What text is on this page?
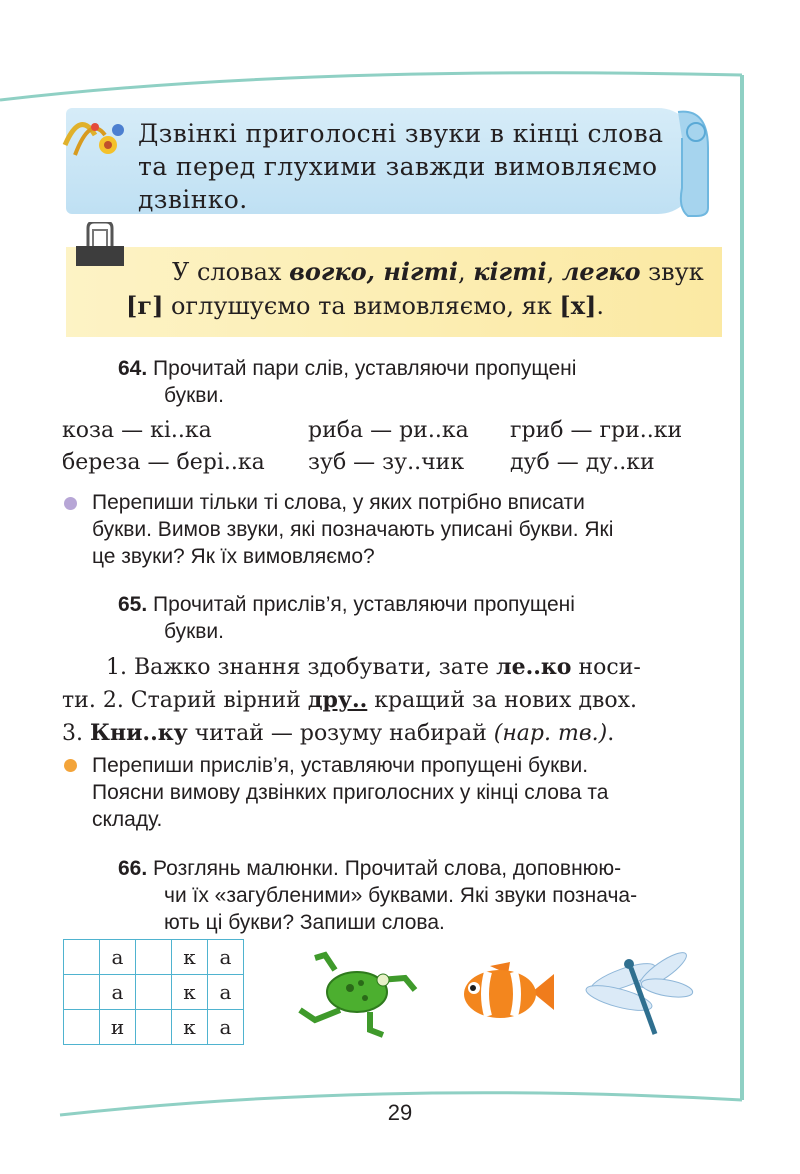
Дзвінкі приголосні звуки в кінці слова
та перед глухими завжди вимовляємо
дзвінко.
У словах вогко, нігті, кігті, легко звук
[г] оглушуємо та вимовляємо, як [х].
64. Прочитай пари слів, уставляючи пропущені
букви.
коза — кі..ка	риба — ри..ка гриб — гри..ки
береза — бері..ка зуб — зу..чик дуб — ду..ки
Перепиши тільки ті слова, у яких потрібно вписати
букви. Вимов звуки, які позначають уписані букви. Які
це звуки? Як їх вимовляємо?
65. Прочитай прислів’я, уставляючи пропущені
букви.
1. Важко знання здобувати, зате ле..ко носи-
ти. 2. Старий вірний дру.. кращий за нових двох.
3. Кни..ку читай — розуму набирай (нар. тв.).
Перепиши прислів’я, уставляючи пропущені букви.
Поясни вимову дзвінких приголосних у кінці слова та
складу.
66. Розглянь малюнки. Прочитай слова, доповнюю-
чи їх «загубленими» буквами. Які звуки познача-
ють ці букви? Запиши слова.
	а		к	а
	а		к	а
	и		к	а
29
